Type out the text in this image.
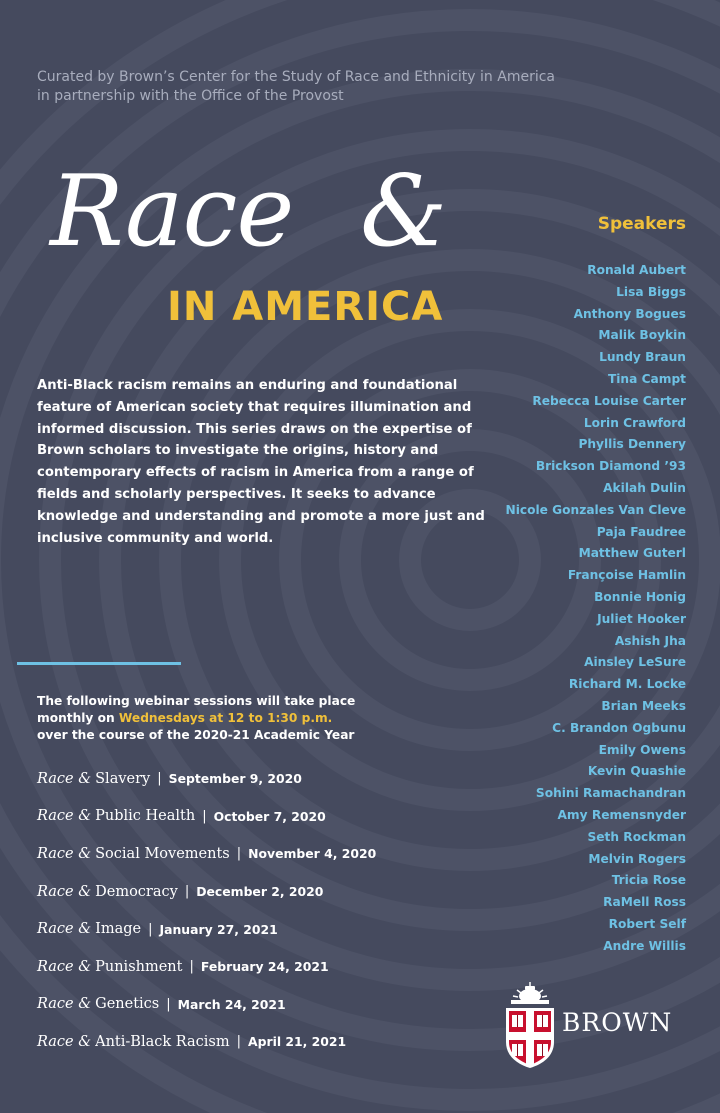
Curated by Brown’s Center for the Study of Race and Ethnicity in America
in partnership with the Office of the Provost
Race &
IN AMERICA
Anti-Black racism remains an enduring and foundational feature of American society that requires illumination and informed discussion. This series draws on the expertise of Brown scholars to investigate the origins, history and contemporary effects of racism in America from a range of fields and scholarly perspectives. It seeks to advance knowledge and understanding and promote a more just and inclusive community and world.
The following webinar sessions will take place monthly on Wednesdays at 12 to 1:30 p.m. over the course of the 2020-21 Academic Year
Race & Slavery | September 9, 2020
Race & Public Health | October 7, 2020
Race & Social Movements | November 4, 2020
Race & Democracy | December 2, 2020
Race & Image | January 27, 2021
Race & Punishment | February 24, 2021
Race & Genetics | March 24, 2021
Race & Anti-Black Racism | April 21, 2021
Speakers
Ronald Aubert
Lisa Biggs
Anthony Bogues
Malik Boykin
Lundy Braun
Tina Campt
Rebecca Louise Carter
Lorin Crawford
Phyllis Dennery
Brickson Diamond ’93
Akilah Dulin
Nicole Gonzales Van Cleve
Paja Faudree
Matthew Guterl
Françoise Hamlin
Bonnie Honig
Juliet Hooker
Ashish Jha
Ainsley LeSure
Richard M. Locke
Brian Meeks
C. Brandon Ogbunu
Emily Owens
Kevin Quashie
Sohini Ramachandran
Amy Remensnyder
Seth Rockman
Melvin Rogers
Tricia Rose
RaMell Ross
Robert Self
Andre Willis
BROWN
